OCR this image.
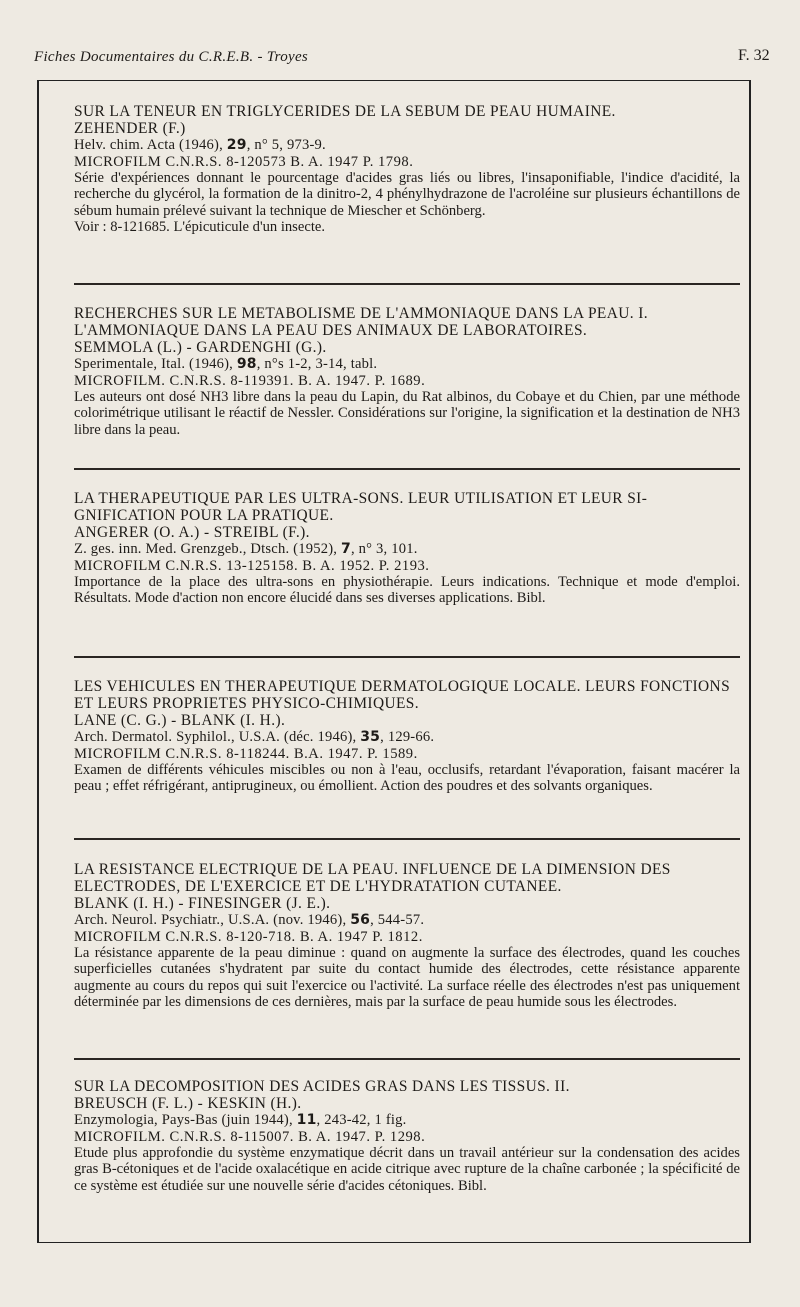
Fiches Documentaires du C.R.E.B. - Troyes	F. 32
SUR LA TENEUR EN TRIGLYCERIDES DE LA SEBUM DE PEAU HUMAINE.
ZEHENDER (F.)
Helv. chim. Acta (1946), 29, n° 5, 973-9.
MICROFILM C.N.R.S. 8-120573 B. A. 1947 P. 1798.
Série d'expériences donnant le pourcentage d'acides gras liés ou libres, l'insaponifiable, l'indice d'acidité, la recherche du glycérol, la formation de la dinitro-2, 4 phénylhydrazone de l'acroléine sur plusieurs échantillons de sébum humain prélevé suivant la technique de Miescher et Schönberg.
Voir : 8-121685. L'épicuticule d'un insecte.
RECHERCHES SUR LE METABOLISME DE L'AMMONIAQUE DANS LA PEAU. I. L'AMMONIAQUE DANS LA PEAU DES ANIMAUX DE LABORATOIRES.
SEMMOLA (L.) - GARDENGHI (G.).
Sperimentale, Ital. (1946), 98, n°s 1-2, 3-14, tabl.
MICROFILM. C.N.R.S. 8-119391. B. A. 1947. P. 1689.
Les auteurs ont dosé NH3 libre dans la peau du Lapin, du Rat albinos, du Cobaye et du Chien, par une méthode colorimétrique utilisant le réactif de Nessler. Considérations sur l'origine, la signification et la destination de NH3 libre dans la peau.
LA THERAPEUTIQUE PAR LES ULTRA-SONS. LEUR UTILISATION ET LEUR SI-GNIFICATION POUR LA PRATIQUE.
ANGERER (O. A.) - STREIBL (F.).
Z. ges. inn. Med. Grenzgeb., Dtsch. (1952), 7, n° 3, 101.
MICROFILM C.N.R.S. 13-125158. B. A. 1952. P. 2193.
Importance de la place des ultra-sons en physiothérapie. Leurs indications. Technique et mode d'emploi. Résultats. Mode d'action non encore élucidé dans ses diverses applications. Bibl.
LES VEHICULES EN THERAPEUTIQUE DERMATOLOGIQUE LOCALE. LEURS FONCTIONS ET LEURS PROPRIETES PHYSICO-CHIMIQUES.
LANE (C. G.) - BLANK (I. H.).
Arch. Dermatol. Syphilol., U.S.A. (déc. 1946), 35, 129-66.
MICROFILM C.N.R.S. 8-118244. B.A. 1947. P. 1589.
Examen de différents véhicules miscibles ou non à l'eau, occlusifs, retardant l'évaporation, faisant macérer la peau ; effet réfrigérant, antiprugineux, ou émollient. Action des poudres et des solvants organiques.
LA RESISTANCE ELECTRIQUE DE LA PEAU. INFLUENCE DE LA DIMENSION DES ELECTRODES, DE L'EXERCICE ET DE L'HYDRATATION CUTANEE.
BLANK (I. H.) - FINESINGER (J. E.).
Arch. Neurol. Psychiatr., U.S.A. (nov. 1946), 56, 544-57.
MICROFILM C.N.R.S. 8-120-718. B. A. 1947 P. 1812.
La résistance apparente de la peau diminue : quand on augmente la surface des électrodes, quand les couches superficielles cutanées s'hydratent par suite du contact humide des électrodes, cette résistance apparente augmente au cours du repos qui suit l'exercice ou l'activité. La surface réelle des électrodes n'est pas uniquement déterminée par les dimensions de ces dernières, mais par la surface de peau humide sous les électrodes.
SUR LA DECOMPOSITION DES ACIDES GRAS DANS LES TISSUS. II.
BREUSCH (F. L.) - KESKIN (H.).
Enzymologia, Pays-Bas (juin 1944), 11, 243-42, 1 fig.
MICROFILM. C.N.R.S. 8-115007. B. A. 1947. P. 1298.
Etude plus approfondie du système enzymatique décrit dans un travail antérieur sur la condensation des acides gras B-cétoniques et de l'acide oxalacétique en acide citrique avec rupture de la chaîne carbonée ; la spécificité de ce système est étudiée sur une nouvelle série d'acides cétoniques. Bibl.
